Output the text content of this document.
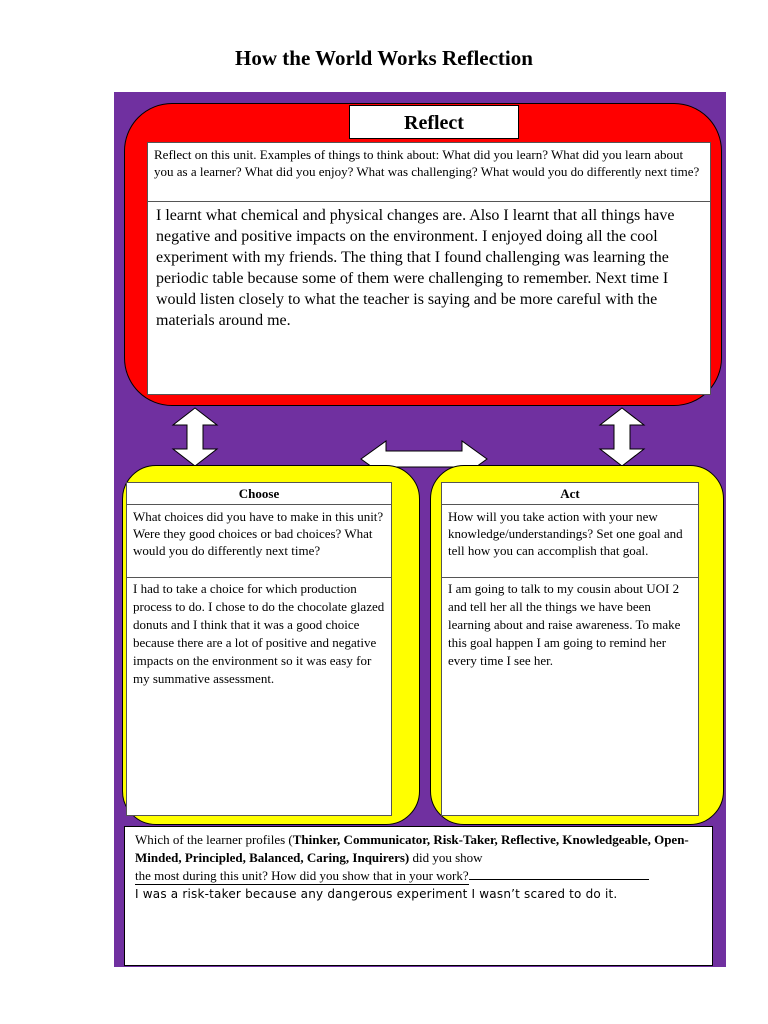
How the World Works Reflection
Reflect
Reflect on this unit. Examples of things to think about: What did you learn? What did you learn about you as a learner? What did you enjoy? What was challenging? What would you do differently next time?
I learnt what chemical and physical changes are. Also I learnt that all things have negative and positive impacts on the environment. I enjoyed doing all the cool experiment with my friends. The thing that I found challenging was learning the periodic table because some of them were challenging to remember. Next time I would listen closely to what the teacher is saying and be more careful with the materials around me.
Choose
What choices did you have to make in this unit? Were they good choices or bad choices? What would you do differently next time?
I had to take a choice for which production process to do. I chose to do the chocolate glazed donuts and I think that it was a good choice because there are a lot of positive and negative impacts on the environment so it was easy for my summative assessment.
Act
How will you take action with your new knowledge/understandings? Set one goal and tell how you can accomplish that goal.
I am going to talk to my cousin about UOI 2 and tell her all the things we have been learning about and raise awareness. To make this goal happen I am going to remind her every time I see her.
Which of the learner profiles (Thinker, Communicator, Risk-Taker, Reflective, Knowledgeable, Open-Minded, Principled, Balanced, Caring, Inquirers) did you show
the most during this unit? How did you show that in your work?
I was a risk-taker because any dangerous experiment I wasn’t scared to do it.
